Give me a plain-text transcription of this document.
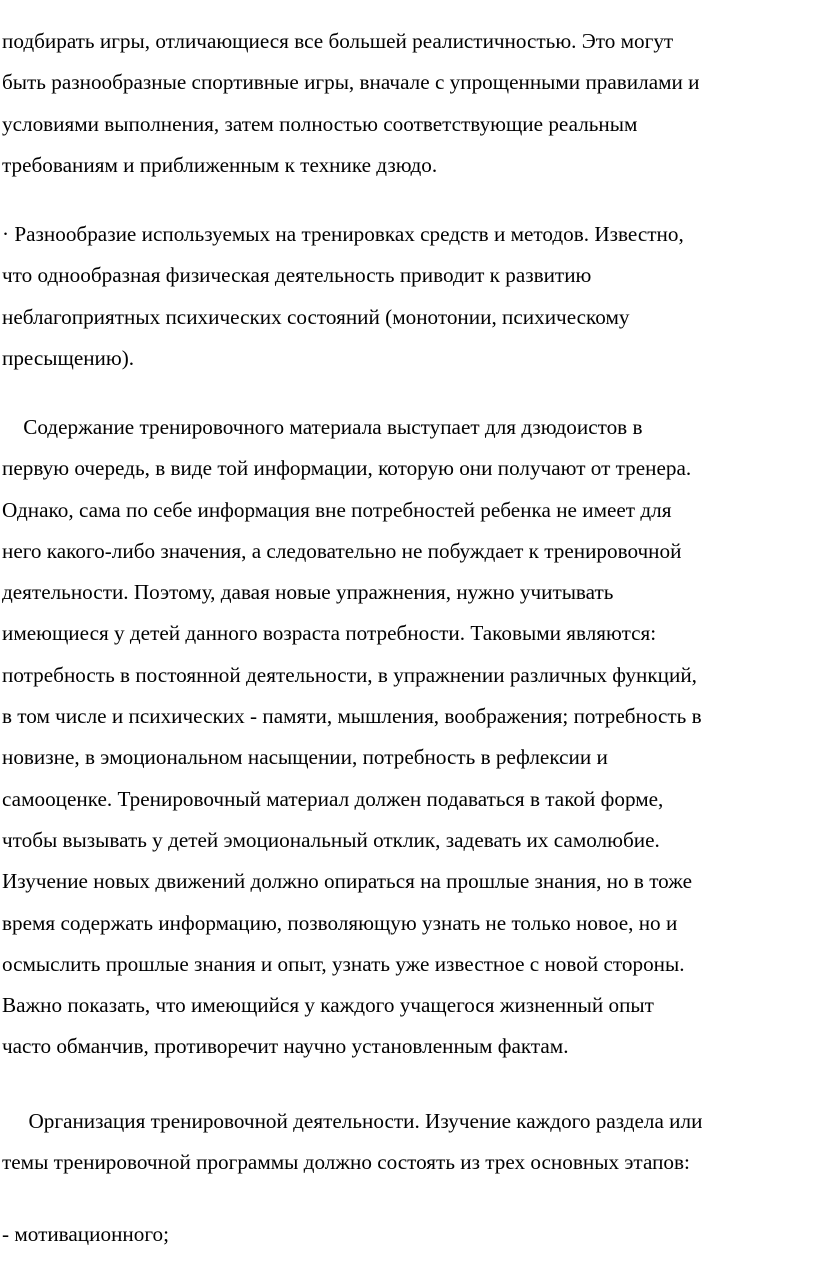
подбирать игры, отличающиеся все большей реалистичностью. Это могут
быть разнообразные спортивные игры, вначале с упрощенными правилами и
условиями выполнения, затем полностью соответствующие реальным
требованиям и приближенным к технике дзюдо.

· Разнообразие используемых на тренировках средств и методов. Известно,
что однообразная физическая деятельность приводит к развитию
неблагоприятных психических состояний (монотонии, психическому
пресыщению).

Содержание тренировочного материала выступает для дзюдоистов в
первую очередь, в виде той информации, которую они получают от тренера.
Однако, сама по себе информация вне потребностей ребенка не имеет для
него какого-либо значения, а следовательно не побуждает к тренировочной
деятельности. Поэтому, давая новые упражнения, нужно учитывать
имеющиеся у детей данного возраста потребности. Таковыми являются:
потребность в постоянной деятельности, в упражнении различных функций,
в том числе и психических - памяти, мышления, воображения; потребность в
новизне, в эмоциональном насыщении, потребность в рефлексии и
самооценке. Тренировочный материал должен подаваться в такой форме,
чтобы вызывать у детей эмоциональный отклик, задевать их самолюбие.
Изучение новых движений должно опираться на прошлые знания, но в тоже
время содержать информацию, позволяющую узнать не только новое, но и
осмыслить прошлые знания и опыт, узнать уже известное с новой стороны.
Важно показать, что имеющийся у каждого учащегося жизненный опыт
часто обманчив, противоречит научно установленным фактам.

Организация тренировочной деятельности. Изучение каждого раздела или
темы тренировочной программы должно состоять из трех основных этапов:

- мотивационного;
